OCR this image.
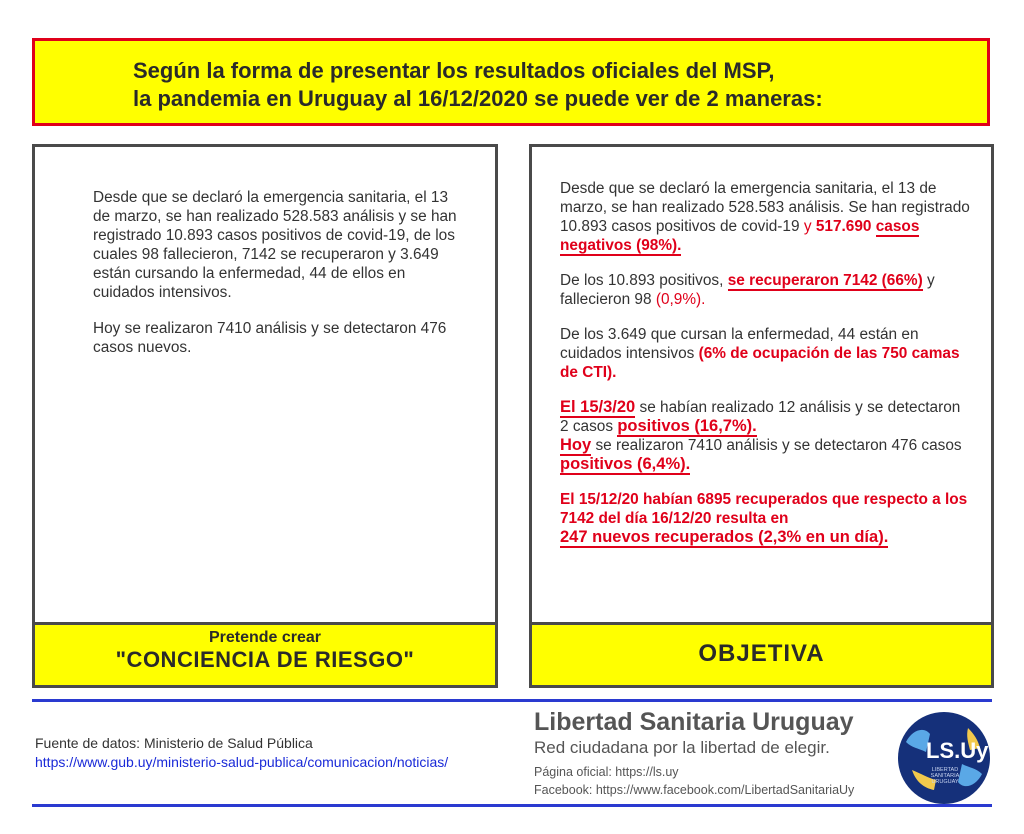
Según la forma de presentar los resultados oficiales del MSP,
la pandemia en Uruguay al 16/12/2020 se puede ver de 2 maneras:

Desde que se declaró la emergencia sanitaria, el 13 de marzo, se han realizado 528.583 análisis y se han registrado 10.893 casos positivos de covid-19, de los cuales 98 fallecieron, 7142 se recuperaron y 3.649 están cursando la enfermedad, 44 de ellos en cuidados intensivos.

Hoy se realizaron 7410 análisis y se detectaron 476 casos nuevos.

Pretende crear
"CONCIENCIA DE RIESGO"

Desde que se declaró la emergencia sanitaria, el 13 de marzo, se han realizado 528.583 análisis. Se han registrado 10.893 casos positivos de covid-19 y 517.690 casos negativos (98%).

De los 10.893 positivos, se recuperaron 7142 (66%) y fallecieron 98 (0,9%).

De los 3.649 que cursan la enfermedad, 44 están en cuidados intensivos (6% de ocupación de las 750 camas de CTI).

El 15/3/20 se habían realizado 12 análisis y se detectaron 2 casos positivos (16,7%).
Hoy se realizaron 7410 análisis y se detectaron 476 casos positivos (6,4%).

El 15/12/20 habían 6895 recuperados que respecto a los 7142 del día 16/12/20 resulta en
247 nuevos recuperados (2,3% en un día).

OBJETIVA
Fuente de datos: Ministerio de Salud Pública
https://www.gub.uy/ministerio-salud-publica/comunicacion/noticias/
Libertad Sanitaria Uruguay
Red ciudadana por la libertad de elegir.
Página oficial: https://ls.uy
Facebook: https://www.facebook.com/LibertadSanitariaUy
LS.Uy
LIBERTAD SANITARIA URUGUAY
